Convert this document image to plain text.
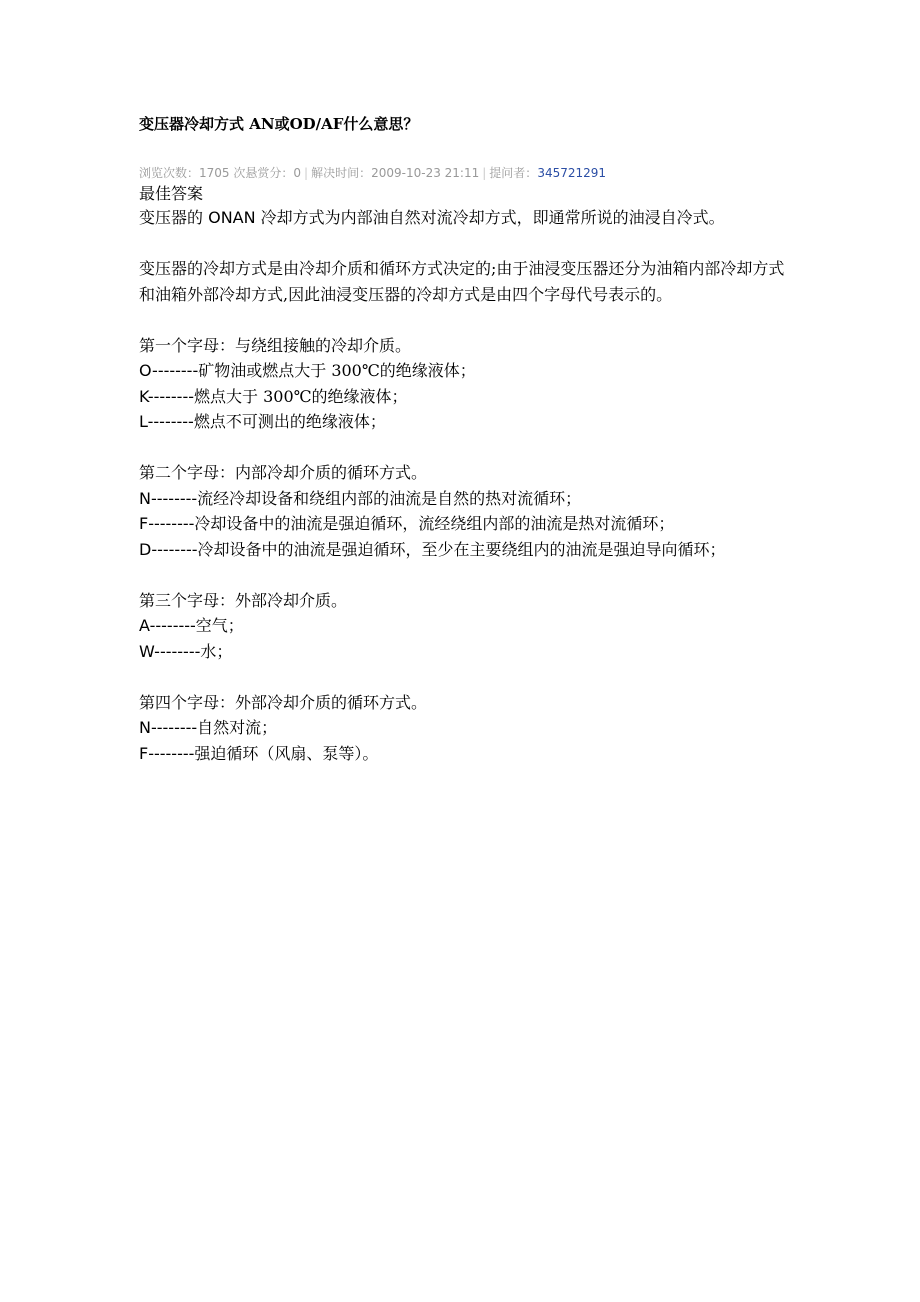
变压器冷却方式 AN或OD/AF什么意思？
浏览次数：1705 次悬赏分：0 | 解决时间：2009-10-23 21:11 | 提问者：345721291
最佳答案

变压器的 ONAN 冷却方式为内部油自然对流冷却方式，即通常所说的油浸自冷式。

变压器的冷却方式是由冷却介质和循环方式决定的;由于油浸变压器还分为油箱内部冷却方式和油箱外部冷却方式,因此油浸变压器的冷却方式是由四个字母代号表示的。

第一个字母：与绕组接触的冷却介质。
O--------矿物油或燃点大于 300℃的绝缘液体；
K--------燃点大于 300℃的绝缘液体；
L--------燃点不可测出的绝缘液体；
第二个字母：内部冷却介质的循环方式。
N--------流经冷却设备和绕组内部的油流是自然的热对流循环；
F--------冷却设备中的油流是强迫循环，流经绕组内部的油流是热对流循环；
D--------冷却设备中的油流是强迫循环，至少在主要绕组内的油流是强迫导向循环；
第三个字母：外部冷却介质。
A--------空气；
W--------水；
第四个字母：外部冷却介质的循环方式。
N--------自然对流；
F--------强迫循环（风扇、泵等）。
